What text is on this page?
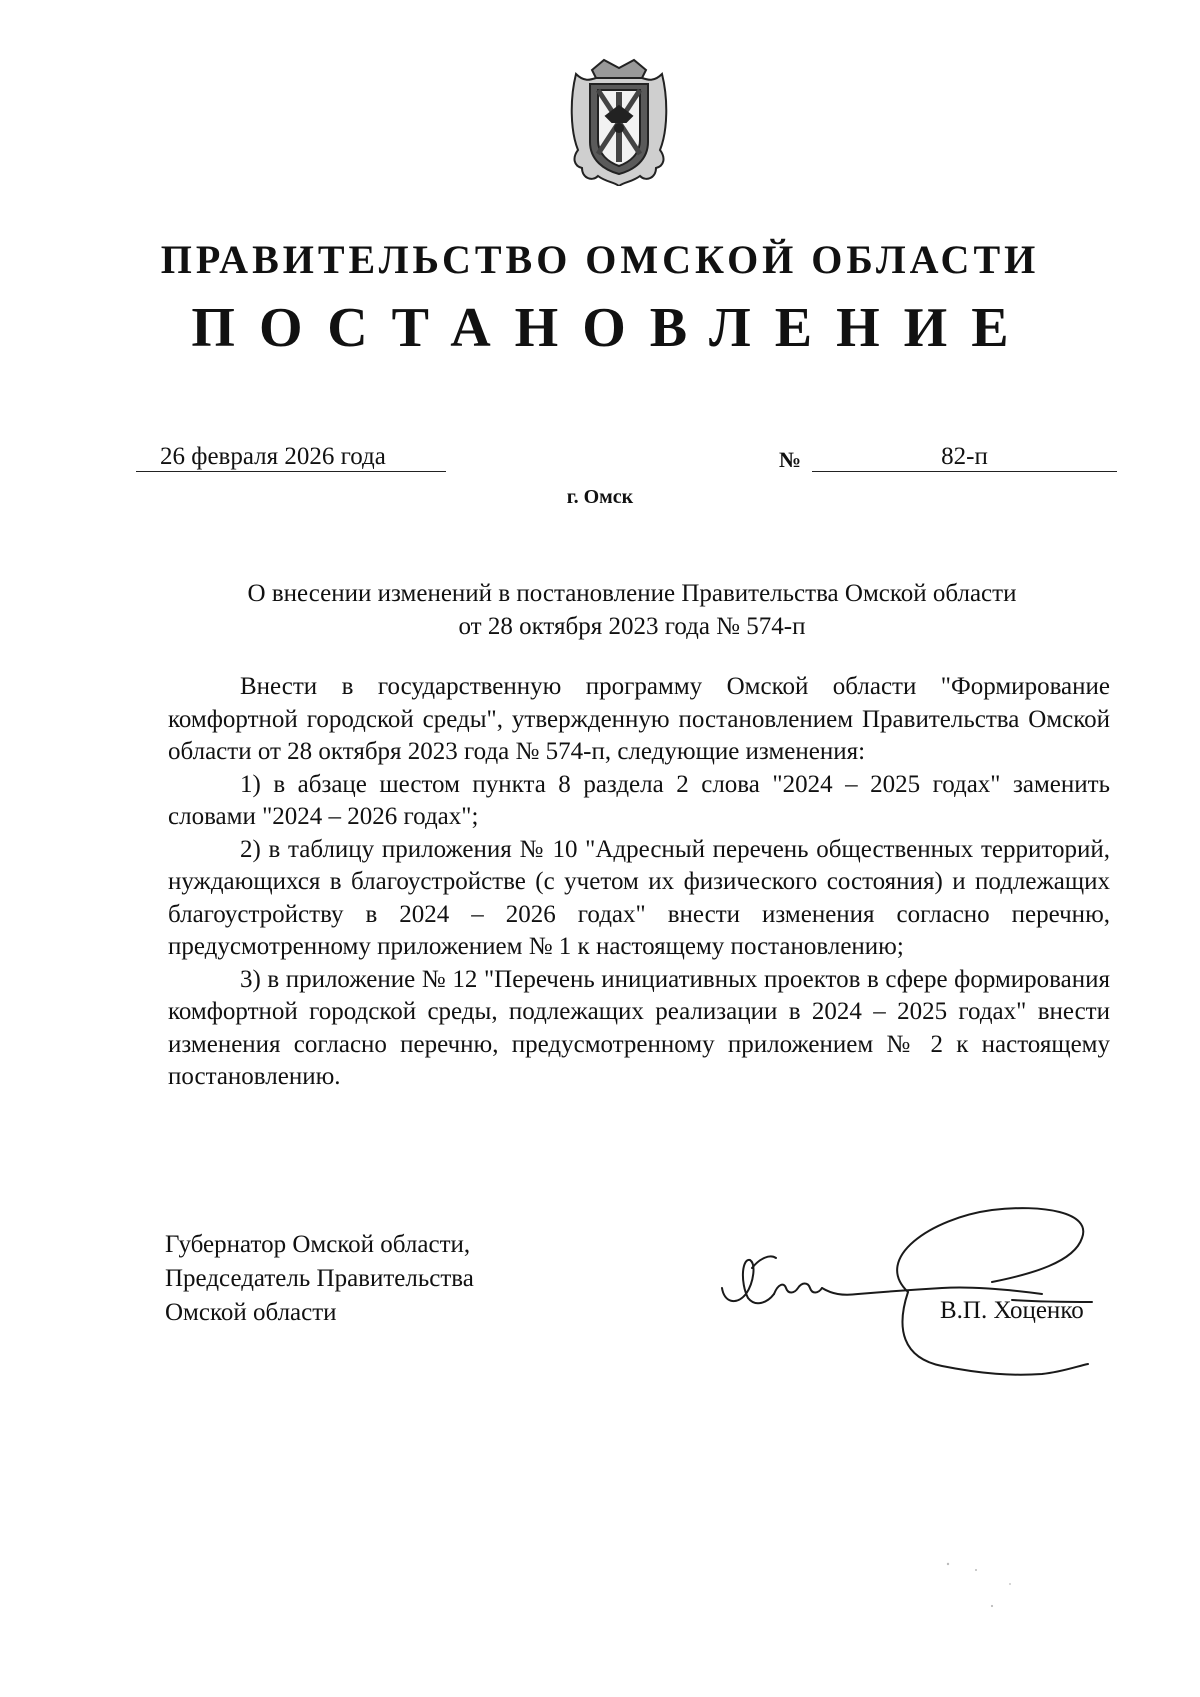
ПРАВИТЕЛЬСТВО ОМСКОЙ ОБЛАСТИ
ПОСТАНОВЛЕНИЕ
26 февраля 2026 года	№	82-п
г. Омск
О внесении изменений в постановление Правительства Омской области
от 28 октября 2023 года № 574-п

Внести в государственную программу Омской области "Формирование комфортной городской среды", утвержденную постановлением Правительства Омской области от 28 октября 2023 года № 574-п, следующие изменения:

1) в абзаце шестом пункта 8 раздела 2 слова "2024 – 2025 годах" заменить словами "2024 – 2026 годах";

2) в таблицу приложения № 10 "Адресный перечень общественных территорий, нуждающихся в благоустройстве (с учетом их физического состояния) и подлежащих благоустройству в 2024 – 2026 годах" внести изменения согласно перечню, предусмотренному приложением № 1 к настоящему постановлению;

3) в приложение № 12 "Перечень инициативных проектов в сфере формирования комфортной городской среды, подлежащих реализации в 2024 – 2025 годах" внести изменения согласно перечню, предусмотренному приложением № 2 к настоящему постановлению.

Губернатор Омской области,
Председатель Правительства
Омской области	В.П. Хоценко
